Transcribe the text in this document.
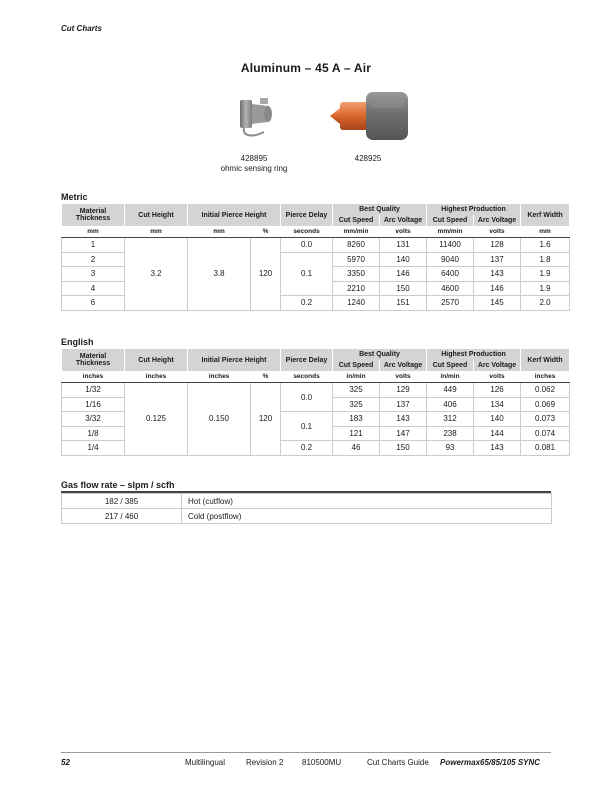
Cut Charts
Aluminum – 45 A – Air
428895
ohmic sensing ring
428925
Metric
Material Thickness	Cut Height	Initial Pierce Height		Pierce Delay	Best Quality		Highest Production		Kerf Width
					Cut Speed	Arc Voltage	Cut Speed	Arc Voltage	
mm	mm	mm	%	seconds	mm/min	volts	mm/min	volts	mm
1	3.2	3.8	120	0.0	8260	131	11400	128	1.6
2				0.1	5970	140	9040	137	1.8
3					3350	146	6400	143	1.9
4					2210	150	4600	146	1.9
6				0.2	1240	151	2570	145	2.0
English
Material Thickness	Cut Height	Initial Pierce Height		Pierce Delay	Best Quality		Highest Production		Kerf Width
					Cut Speed	Arc Voltage	Cut Speed	Arc Voltage	
inches	inches	inches	%	seconds	in/min	volts	in/min	volts	inches
1/32	0.125	0.150	120	0.0	325	129	449	126	0.062
1/16					325	137	406	134	0.069
3/32				0.1	183	143	312	140	0.073
1/8					121	147	238	144	0.074
1/4				0.2	46	150	93	143	0.081
Gas flow rate – slpm / scfh
182 / 385	Hot (cutflow)
217 / 460	Cold (postflow)
52	Multilingual	Revision 2 810500MU	Cut Charts Guide Powermax65/85/105 SYNC
